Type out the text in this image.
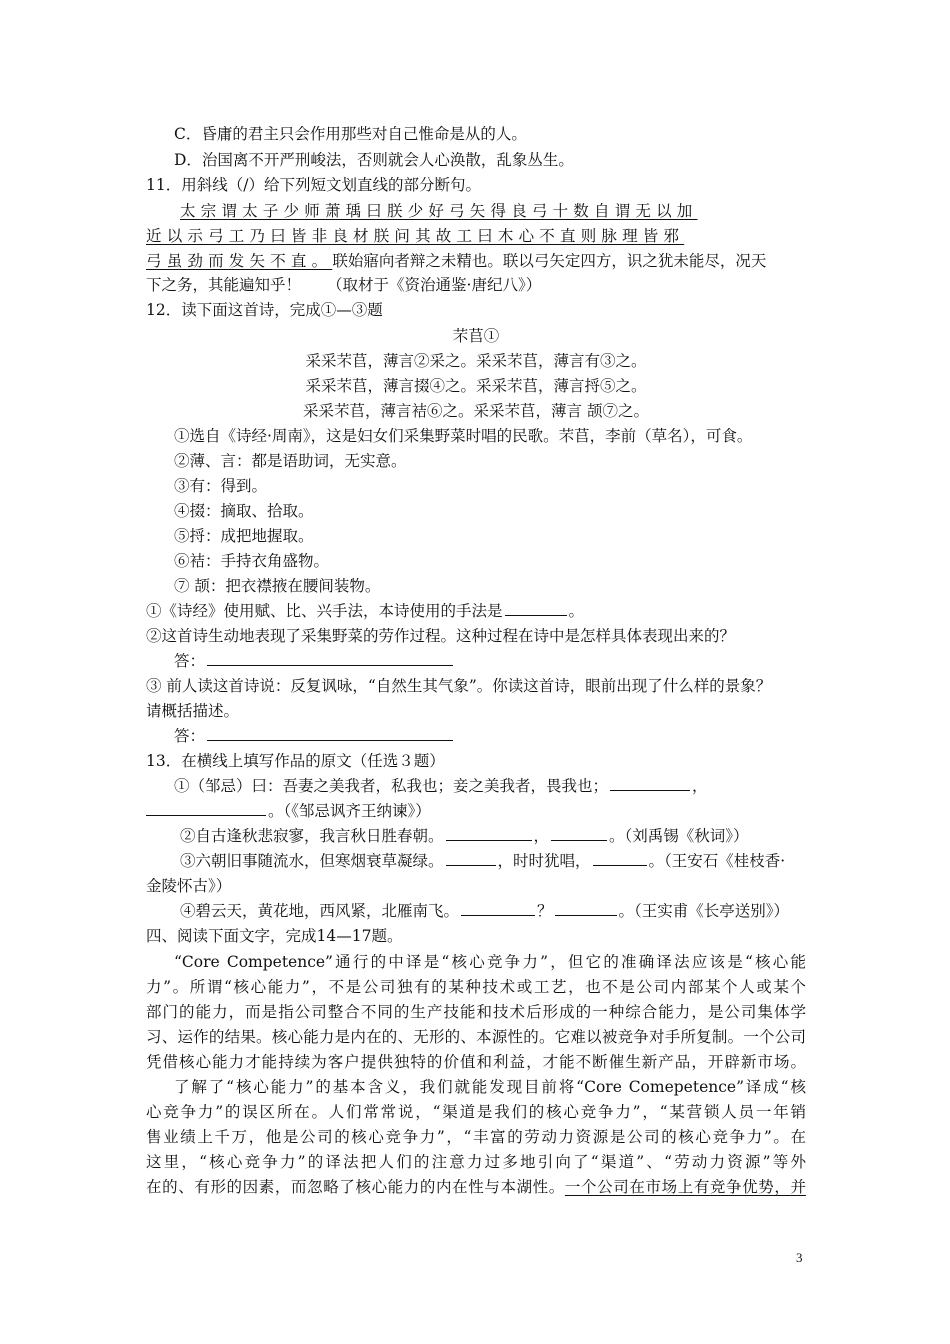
C．昏庸的君主只会作用那些对自己惟命是从的人。
D．治国离不开严刑峻法，否则就会人心涣散，乱象丛生。
11．用斜线（/）给下列短文划直线的部分断句。
太宗谓太子少师萧瑀曰朕少好弓矢得良弓十数自谓无以加
近以示弓工乃曰皆非良材朕问其故工曰木心不直则脉理皆邪
弓虽劲而发矢不直。联始寤向者辩之未精也。联以弓矢定四方，识之犹未能尽，况天
下之务，其能遍知乎！ （取材于《资治通鉴·唐纪八》）
12．读下面这首诗，完成①—③题
芣苢①
采采芣苢，薄言②采之。采采芣苢，薄言有③之。
采采芣苢，薄言掇④之。采采芣苢，薄言捋⑤之。
采采芣苢，薄言袺⑥之。采采芣苢，薄言 颉⑦之。
①选自《诗经·周南》，这是妇女们采集野菜时唱的民歌。芣苢，李前（草名），可食。
②薄、言：都是语助词，无实意。
③有：得到。
④掇：摘取、拾取。
⑤捋：成把地握取。
⑥袺：手持衣角盛物。
⑦ 颉：把衣襟掖在腰间装物。
①《诗经》使用赋、比、兴手法，本诗使用的手法是	。
②这首诗生动地表现了采集野菜的劳作过程。这种过程在诗中是怎样具体表现出来的？
答：
③ 前人读这首诗说：反复讽咏，“自然生其气象”。你读这首诗，眼前出现了什么样的景象？
请概括描述。
答：
13．在横线上填写作品的原文（任选３题）
①（邹忌）曰：吾妻之美我者，私我也；妾之美我者，畏我也；	，
。（《邹忌讽齐王纳谏》）
②自古逢秋悲寂寥，我言秋日胜春朝。	，	。（刘禹锡《秋词》）
③六朝旧事随流水，但寒烟衰草凝绿。	，时时犹唱，	。（王安石《桂枝香·
金陵怀古》）
④碧云天，黄花地，西风紧，北雁南飞。	？	。（王实甫《长亭送别》）
四、阅读下面文字，完成14—17题。
“Core Competence”通行的中译是“核心竞争力”，但它的准确译法应该是“核心能
力”。所谓“核心能力”，不是公司独有的某种技术或工艺，也不是公司内部某个人或某个
部门的能力，而是指公司整合不同的生产技能和技术后形成的一种综合能力，是公司集体学
习、运作的结果。核心能力是内在的、无形的、本源性的。它难以被竞争对手所复制。一个公司
凭借核心能力才能持续为客户提供独特的价值和利益，才能不断催生新产品，开辟新市场。
了解了“核心能力”的基本含义，我们就能发现目前将“Core Comepetence”译成“核
心竞争力”的误区所在。人们常常说，“渠道是我们的核心竞争力”，“某营锁人员一年销
售业绩上千万，他是公司的核心竞争力”，“丰富的劳动力资源是公司的核心竞争力”。在
这里，“核心竞争力”的译法把人们的注意力过多地引向了“渠道”、“劳动力资源”等外
在的、有形的因素，而忽略了核心能力的内在性与本湖性。一个公司在市场上有竞争优势，并
3
